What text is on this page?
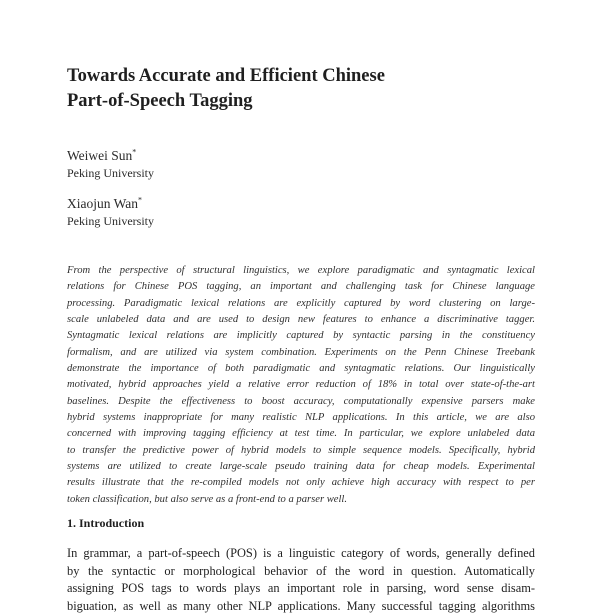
Towards Accurate and Efficient Chinese
Part-of-Speech Tagging
Weiwei Sun*
Peking University
Xiaojun Wan*
Peking University
From the perspective of structural linguistics, we explore paradigmatic and syntagmatic lexical
relations for Chinese POS tagging, an important and challenging task for Chinese language
processing. Paradigmatic lexical relations are explicitly captured by word clustering on large-
scale unlabeled data and are used to design new features to enhance a discriminative tagger.
Syntagmatic lexical relations are implicitly captured by syntactic parsing in the constituency
formalism, and are utilized via system combination. Experiments on the Penn Chinese Treebank
demonstrate the importance of both paradigmatic and syntagmatic relations. Our linguistically
motivated, hybrid approaches yield a relative error reduction of 18% in total over state-of-the-art
baselines. Despite the effectiveness to boost accuracy, computationally expensive parsers make
hybrid systems inappropriate for many realistic NLP applications. In this article, we are also
concerned with improving tagging efficiency at test time. In particular, we explore unlabeled data
to transfer the predictive power of hybrid models to simple sequence models. Specifically, hybrid
systems are utilized to create large-scale pseudo training data for cheap models. Experimental
results illustrate that the re-compiled models not only achieve high accuracy with respect to per
token classification, but also serve as a front-end to a parser well.
1. Introduction
In grammar, a part-of-speech (POS) is a linguistic category of words, generally defined
by the syntactic or morphological behavior of the word in question. Automatically
assigning POS tags to words plays an important role in parsing, word sense disam-
biguation, as well as many other NLP applications. Many successful tagging algorithms
